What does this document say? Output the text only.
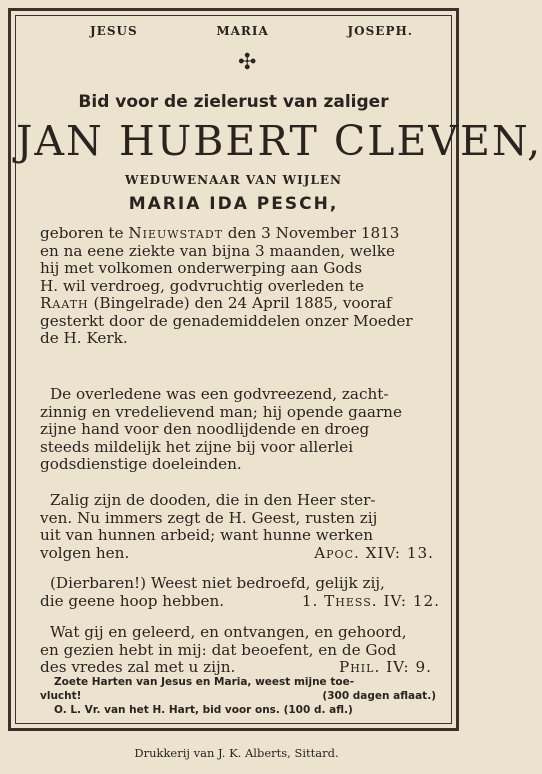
JESUS	MARIA	JOSEPH.
✣
Bid voor de zielerust van zaliger
JAN HUBERT CLEVEN,
WEDUWENAAR VAN WIJLEN
MARIA IDA PESCH,
geboren te Nieuwstadt den 3 November 1813
en na eene ziekte van bijna 3 maanden, welke
hij met volkomen onderwerping aan Gods
H. wil verdroeg, godvruchtig overleden te
Raath (Bingelrade) den 24 April 1885, vooraf
gesterkt door de genademiddelen onzer Moeder
de H. Kerk.
De overledene was een godvreezend, zacht-
zinnig en vredelievend man; hij opende gaarne
zijne hand voor den noodlijdende en droeg
steeds mildelijk het zijne bij voor allerlei
godsdienstige doeleinden.
Zalig zijn de dooden, die in den Heer ster-
ven. Nu immers zegt de H. Geest, rusten zij
uit van hunnen arbeid; want hunne werken
volgen hen.	Apoc. XIV: 13.
(Dierbaren!) Weest niet bedroefd, gelijk zij,
die geene hoop hebben.	1. Thess. IV: 12.
Wat gij en geleerd, en ontvangen, en gehoord,
en gezien hebt in mij: dat beoefent, en de God
des vredes zal met u zijn.	Phil. IV: 9.
Zoete Harten van Jesus en Maria, weest mijne toe-
vlucht!	(300 dagen aflaat.)
O. L. Vr. van het H. Hart, bid voor ons. (100 d. afl.)
Drukkerij van J. K. Alberts, Sittard.
